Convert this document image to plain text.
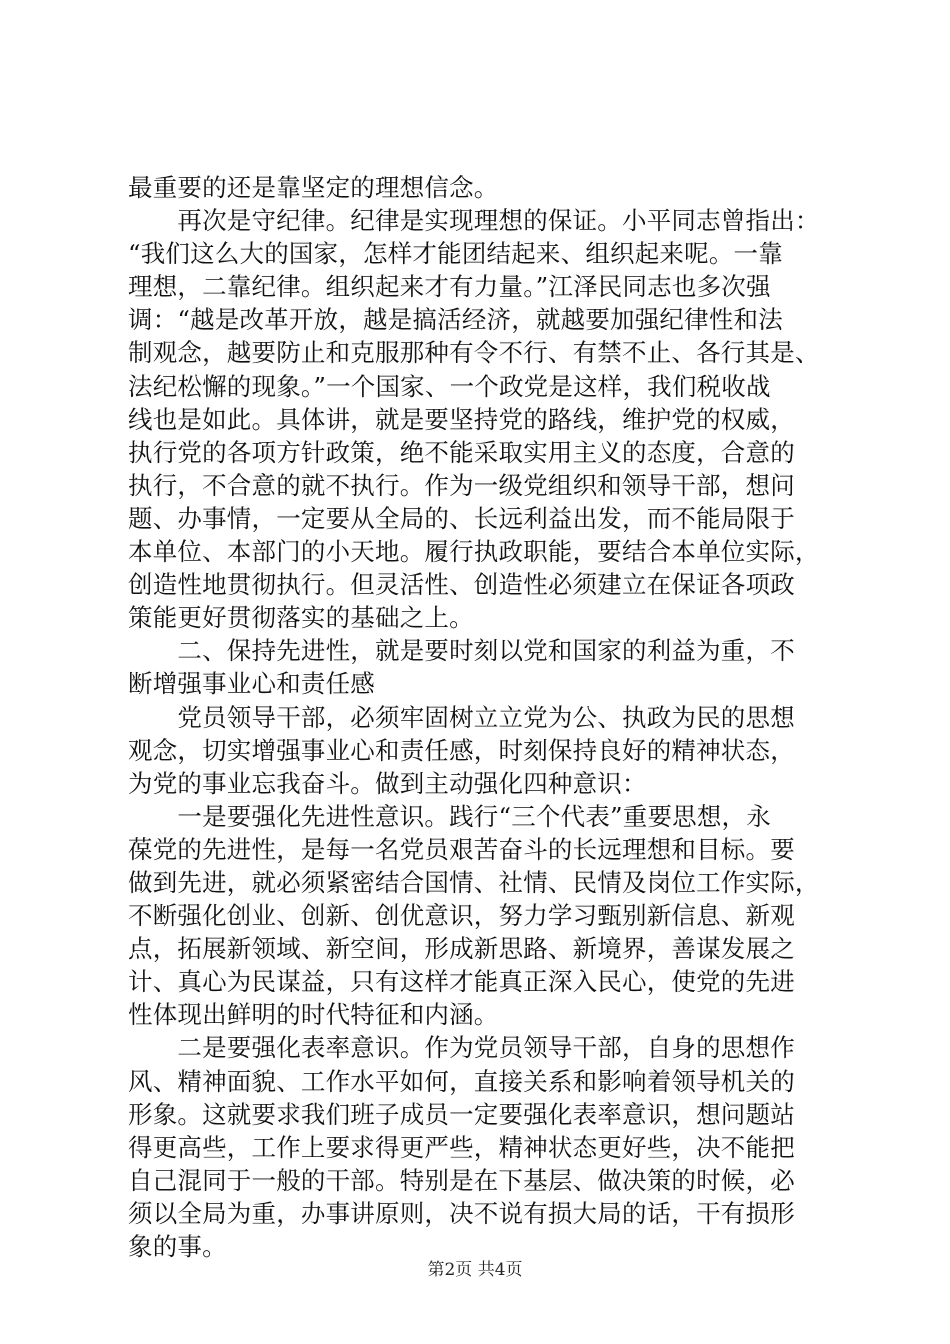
最重要的还是靠坚定的理想信念。
　　再次是守纪律。纪律是实现理想的保证。小平同志曾指出：
“我们这么大的国家，怎样才能团结起来、组织起来呢。一靠
理想，二靠纪律。组织起来才有力量。”江泽民同志也多次强
调：“越是改革开放，越是搞活经济，就越要加强纪律性和法
制观念，越要防止和克服那种有令不行、有禁不止、各行其是、
法纪松懈的现象。”一个国家、一个政党是这样，我们税收战
线也是如此。具体讲，就是要坚持党的路线，维护党的权威，
执行党的各项方针政策，绝不能采取实用主义的态度，合意的
执行，不合意的就不执行。作为一级党组织和领导干部，想问
题、办事情，一定要从全局的、长远利益出发，而不能局限于
本单位、本部门的小天地。履行执政职能，要结合本单位实际，
创造性地贯彻执行。但灵活性、创造性必须建立在保证各项政
策能更好贯彻落实的基础之上。
　　二、保持先进性，就是要时刻以党和国家的利益为重，不
断增强事业心和责任感
　　党员领导干部，必须牢固树立立党为公、执政为民的思想
观念，切实增强事业心和责任感，时刻保持良好的精神状态，
为党的事业忘我奋斗。做到主动强化四种意识：
　　一是要强化先进性意识。践行“三个代表”重要思想，永
葆党的先进性，是每一名党员艰苦奋斗的长远理想和目标。要
做到先进，就必须紧密结合国情、社情、民情及岗位工作实际，
不断强化创业、创新、创优意识，努力学习甄别新信息、新观
点，拓展新领域、新空间，形成新思路、新境界，善谋发展之
计、真心为民谋益，只有这样才能真正深入民心，使党的先进
性体现出鲜明的时代特征和内涵。
　　二是要强化表率意识。作为党员领导干部，自身的思想作
风、精神面貌、工作水平如何，直接关系和影响着领导机关的
形象。这就要求我们班子成员一定要强化表率意识，想问题站
得更高些，工作上要求得更严些，精神状态更好些，决不能把
自己混同于一般的干部。特别是在下基层、做决策的时候，必
须以全局为重，办事讲原则，决不说有损大局的话，干有损形
象的事。
第2页 共4页
